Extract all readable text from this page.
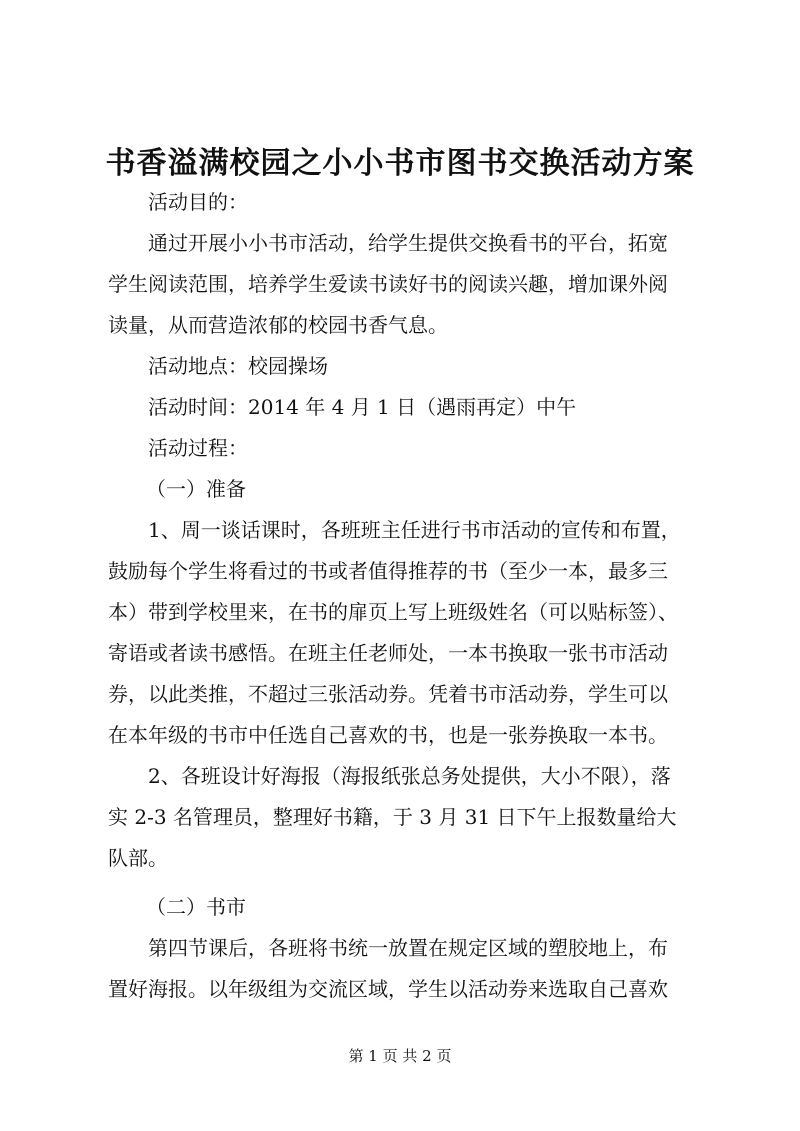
书香溢满校园之小小书市图书交换活动方案
活动目的：
通过开展小小书市活动，给学生提供交换看书的平台，拓宽
学生阅读范围，培养学生爱读书读好书的阅读兴趣，增加课外阅
读量，从而营造浓郁的校园书香气息。
活动地点：校园操场
活动时间：2014 年 4 月 1 日（遇雨再定）中午
活动过程：
（一）准备
1、周一谈话课时，各班班主任进行书市活动的宣传和布置，
鼓励每个学生将看过的书或者值得推荐的书（至少一本，最多三
本）带到学校里来，在书的扉页上写上班级姓名（可以贴标签）、
寄语或者读书感悟。在班主任老师处，一本书换取一张书市活动
券，以此类推，不超过三张活动券。凭着书市活动券，学生可以
在本年级的书市中任选自己喜欢的书，也是一张券换取一本书。
2、各班设计好海报（海报纸张总务处提供，大小不限），落
实 2-3 名管理员，整理好书籍，于 3 月 31 日下午上报数量给大
队部。
（二）书市
第四节课后，各班将书统一放置在规定区域的塑胶地上，布
置好海报。以年级组为交流区域，学生以活动券来选取自己喜欢
第 1 页 共 2 页
